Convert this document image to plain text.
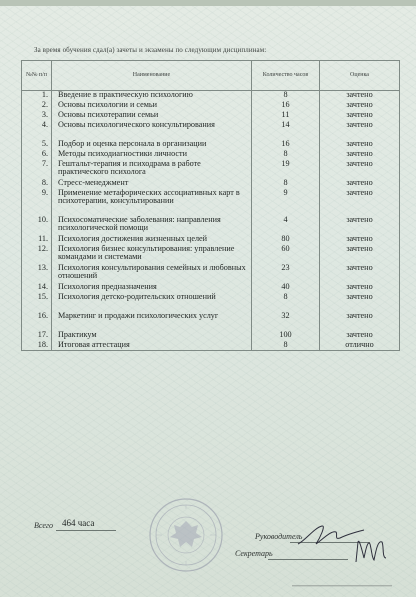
За время обучения сдал(а) зачеты и экзамены по следующим дисциплинам:
№№ п/п	Наименование	Количество часов	Оценка
1.	Введение в практическую психологию	8	зачтено
2.	Основы психологии и семьи	16	зачтено
3.	Основы психотерапии семьи	11	зачтено
4.	Основы психологического консультирования	14	зачтено
5.	Подбор и оценка персонала в организации	16	зачтено
6.	Методы психодиагностики личности	8	зачтено
7.	Гештальт-терапия и психодрама в работе практического психолога	19	зачтено
8.	Стресс-менеджмент	8	зачтено
9.	Применение метафорических ассоциативных карт в психотерапии, консультировании	9	зачтено
10.	Психосоматические заболевания: направления психологической помощи	4	зачтено
11.	Психология достижения жизненных целей	80	зачтено
12.	Психология бизнес консультирования: управление командами и системами	60	зачтено
13.	Психология консультирования семейных и любовных отношений	23	зачтено
14.	Психология предназначения	40	зачтено
15.	Психология детско-родительских отношений	8	зачтено
16.	Маркетинг и продажи психологических услуг	32	зачтено
17.	Практикум	100	зачтено
18.	Итоговая аттестация	8	отлично
Всего 464 часа
Руководитель
Секретарь
